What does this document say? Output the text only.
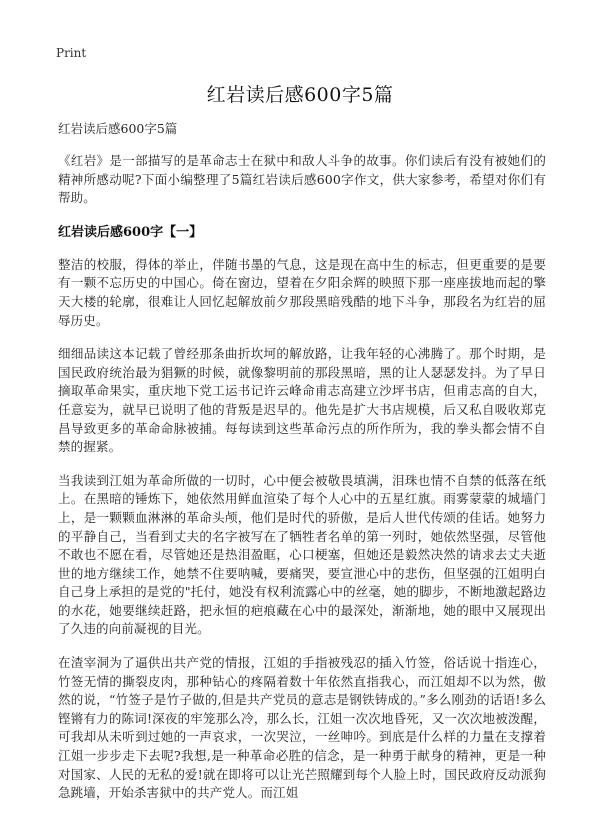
Print
红岩读后感600字5篇
红岩读后感600字5篇
《红岩》是一部描写的是革命志士在狱中和敌人斗争的故事。你们读后有没有被她们的精神所感动呢?下面小编整理了5篇红岩读后感600字作文，供大家参考，希望对你们有帮助。
红岩读后感600字【一】
整洁的校服，得体的举止，伴随书墨的气息，这是现在高中生的标志，但更重要的是要有一颗不忘历史的中国心。倚在窗边，望着在夕阳余辉的映照下那一座座拔地而起的擎天大楼的轮廓，很难让人回忆起解放前夕那段黑暗残酷的地下斗争，那段名为红岩的屈辱历史。
细细品读这本记载了曾经那条曲折坎坷的解放路，让我年轻的心沸腾了。那个时期，是国民政府统治最为猖獗的时候，就像黎明前的那段黑暗，黑的让人瑟瑟发抖。为了早日摘取革命果实，重庆地下党工运书记许云峰命甫志高建立沙坪书店，但甫志高的自大，任意妄为，就早已说明了他的背叛是迟早的。他先是扩大书店规模，后又私自吸收郑克昌导致更多的革命命脉被捕。每每读到这些革命污点的所作所为，我的拳头都会情不自禁的握紧。
当我读到江姐为革命所做的一切时，心中便会被敬畏填满，泪珠也情不自禁的低落在纸上。在黑暗的锤炼下，她依然用鲜血渲染了每个人心中的五星红旗。雨雾蒙蒙的城墙门上，是一颗颗血淋淋的革命头颅，他们是时代的骄傲，是后人世代传颂的佳话。她努力的平静自己，当看到丈夫的名字被写在了牺牲者名单的第一列时，她依然坚强，尽管他不敢也不愿在看，尽管她还是热泪盈眶，心口梗塞，但她还是毅然决然的请求去丈夫逝世的地方继续工作，她禁不住要呐喊，要痛哭，要宣泄心中的悲伤，但坚强的江姐明白自己身上承担的是党的"托付，她没有权利流露心中的丝毫，她的脚步，不断地激起路边的水花，她要继续赶路，把永恒的疤痕藏在心中的最深处，渐渐地，她的眼中又展现出了久违的向前凝视的目光。
在渣宰洞为了逼供出共产党的情报，江姐的手指被残忍的插入竹签，俗话说十指连心，竹签无情的撕裂皮肉，那种钻心的疼隔着数十年依然直指我心，而江姐却不以为然，傲然的说，“竹签子是竹子做的,但是共产党员的意志是钢铁铸成的。”多么刚劲的话语!多么铿锵有力的陈词!深夜的牢笼那么冷，那么长，江姐一次次地昏死，又一次次地被泼醒，可我却从未听到过她的一声哀求，一次哭泣，一丝呻吟。到底是什么样的力量在支撑着江姐一步步走下去呢?我想,是一种革命必胜的信念，是一种勇于献身的精神，更是一种对国家、人民的无私的爱!就在即将可以让光芒照耀到每个人脸上时，国民政府反动派狗急跳墙，开始杀害狱中的共产党人。而江姐
